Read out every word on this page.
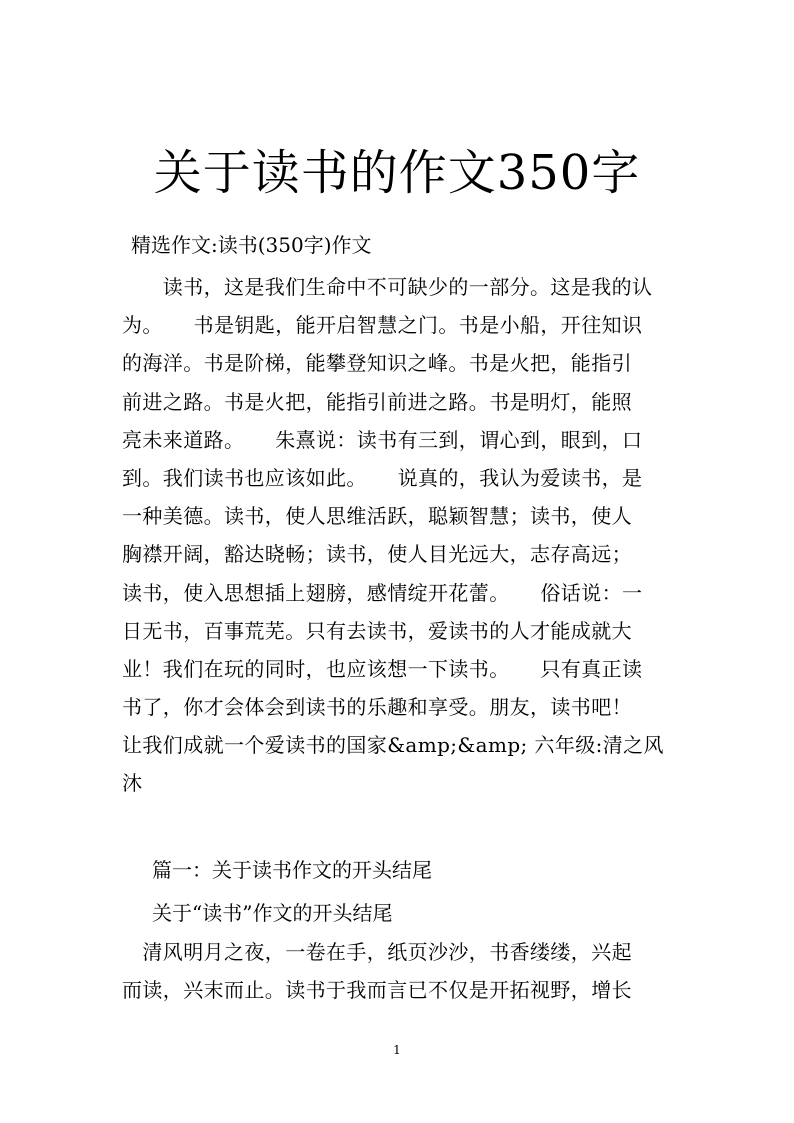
关于读书的作文350字
精选作文:读书(350字)作文
　　读书，这是我们生命中不可缺少的一部分。这是我的认
为。　　书是钥匙，能开启智慧之门。书是小船，开往知识
的海洋。书是阶梯，能攀登知识之峰。书是火把，能指引
前进之路。书是火把，能指引前进之路。书是明灯，能照
亮未来道路。　　朱熹说：读书有三到，谓心到，眼到，口
到。我们读书也应该如此。　　说真的，我认为爱读书，是
一种美德。读书，使人思维活跃，聪颖智慧；读书，使人
胸襟开阔，豁达晓畅；读书，使人目光远大，志存高远；
读书，使入思想插上翅膀，感情绽开花蕾。　　俗话说：一
日无书，百事荒芜。只有去读书，爱读书的人才能成就大
业！我们在玩的同时，也应该想一下读书。　　只有真正读
书了，你才会体会到读书的乐趣和享受。朋友，读书吧！
让我们成就一个爱读书的国家&amp;&amp; 六年级:清之风
沐
篇一：关于读书作文的开头结尾
关于“读书”作文的开头结尾
　清风明月之夜，一卷在手，纸页沙沙，书香缕缕，兴起
而读，兴末而止。读书于我而言已不仅是开拓视野，增长
1
